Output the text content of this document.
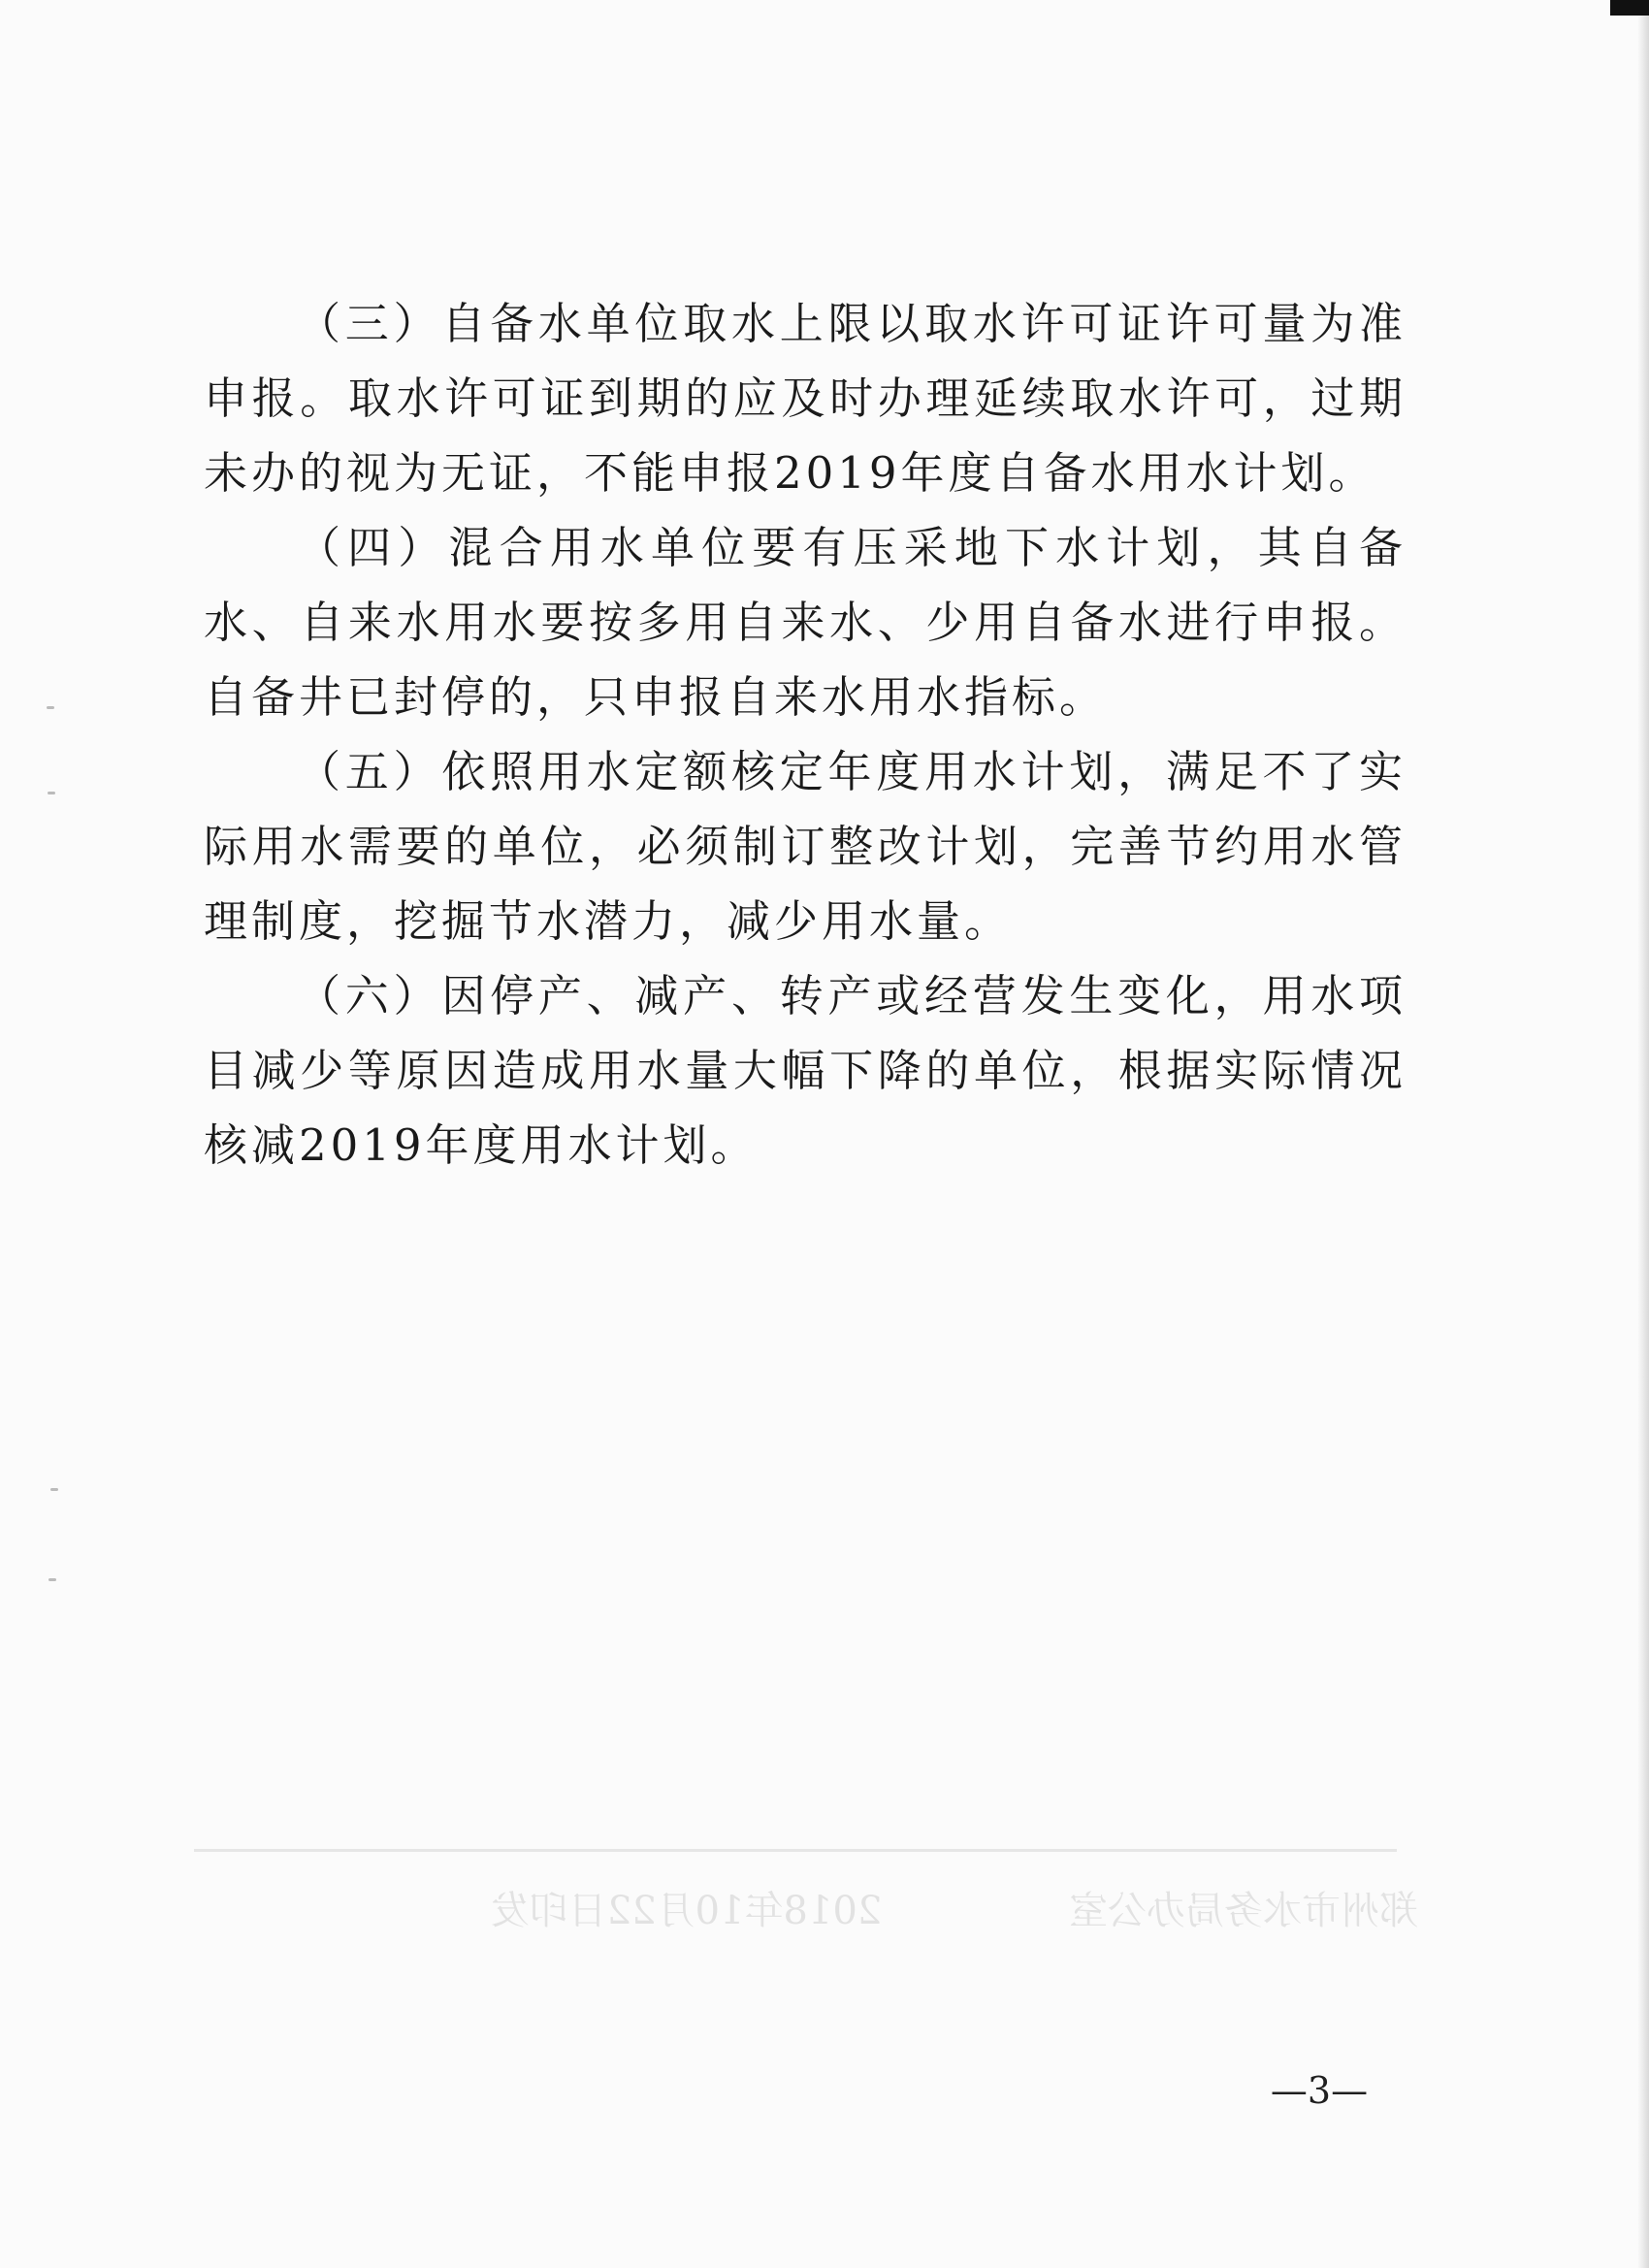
（三）自备水单位取水上限以取水许可证许可量为准申报。取水许可证到期的应及时办理延续取水许可，过期未办的视为无证，不能申报2019年度自备水用水计划。

（四）混合用水单位要有压采地下水计划，其自备水、自来水用水要按多用自来水、少用自备水进行申报。自备井已封停的，只申报自来水用水指标。

（五）依照用水定额核定年度用水计划，满足不了实际用水需要的单位，必须制订整改计划，完善节约用水管理制度，挖掘节水潜力，减少用水量。

（六）因停产、减产、转产或经营发生变化，用水项目减少等原因造成用水量大幅下降的单位，根据实际情况核减2019年度用水计划。

郑州市水务局办公室 2018年10月22日印发
—3—
